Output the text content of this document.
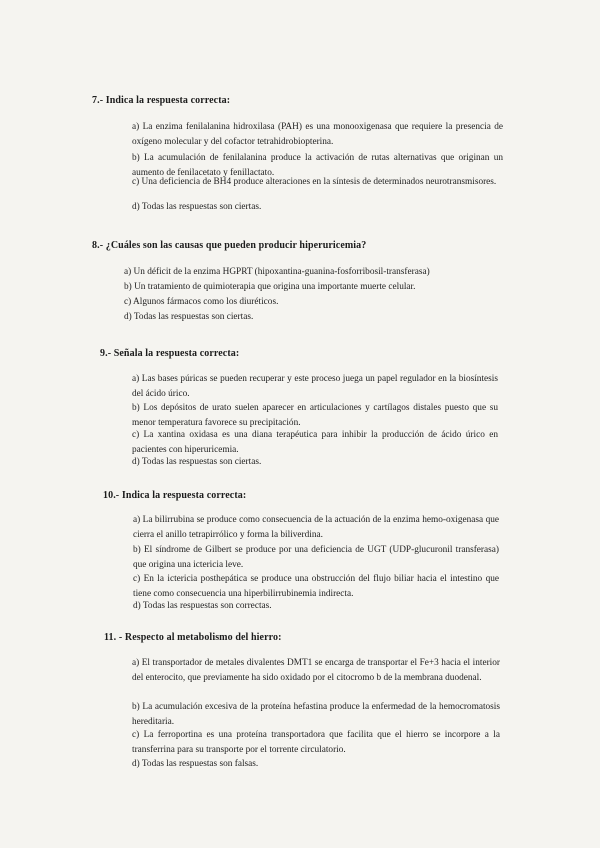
7.- Indica la respuesta correcta:
a) La enzima fenilalanina hidroxilasa (PAH) es una monooxigenasa que requiere la presencia de oxígeno molecular y del cofactor tetrahidrobiopterina.
b) La acumulación de fenilalanina produce la activación de rutas alternativas que originan un aumento de fenilacetato y fenillactato.
c) Una deficiencia de BH4 produce alteraciones en la síntesis de determinados neurotransmisores.
d) Todas las respuestas son ciertas.
8.- ¿Cuáles son las causas que pueden producir hiperuricemia?
a) Un déficit de la enzima HGPRT (hipoxantina-guanina-fosforribosil-transferasa)
b) Un tratamiento de quimioterapia que origina una importante muerte celular.
c) Algunos fármacos como los diuréticos.
d) Todas las respuestas son ciertas.
9.- Señala la respuesta correcta:
a) Las bases púricas se pueden recuperar y este proceso juega un papel regulador en la biosíntesis del ácido úrico.
b) Los depósitos de urato suelen aparecer en articulaciones y cartílagos distales puesto que su menor temperatura favorece su precipitación.
c) La xantina oxidasa es una diana terapéutica para inhibir la producción de ácido úrico en pacientes con hiperuricemia.
d) Todas las respuestas son ciertas.
10.- Indica la respuesta correcta:
a) La bilirrubina se produce como consecuencia de la actuación de la enzima hemo-oxigenasa que cierra el anillo tetrapirrólico y forma la biliverdina.
b) El síndrome de Gilbert se produce por una deficiencia de UGT (UDP-glucuronil transferasa) que origina una ictericia leve.
c) En la ictericia posthepática se produce una obstrucción del flujo biliar hacia el intestino que tiene como consecuencia una hiperbilirrubinemia indirecta.
d) Todas las respuestas son correctas.
11. - Respecto al metabolismo del hierro:
a) El transportador de metales divalentes DMT1 se encarga de transportar el Fe+3 hacia el interior del enterocito, que previamente ha sido oxidado por el citocromo b de la membrana duodenal.
b) La acumulación excesiva de la proteína hefastina produce la enfermedad de la hemocromatosis hereditaria.
c) La ferroportina es una proteína transportadora que facilita que el hierro se incorpore a la transferrina para su transporte por el torrente circulatorio.
d) Todas las respuestas son falsas.
